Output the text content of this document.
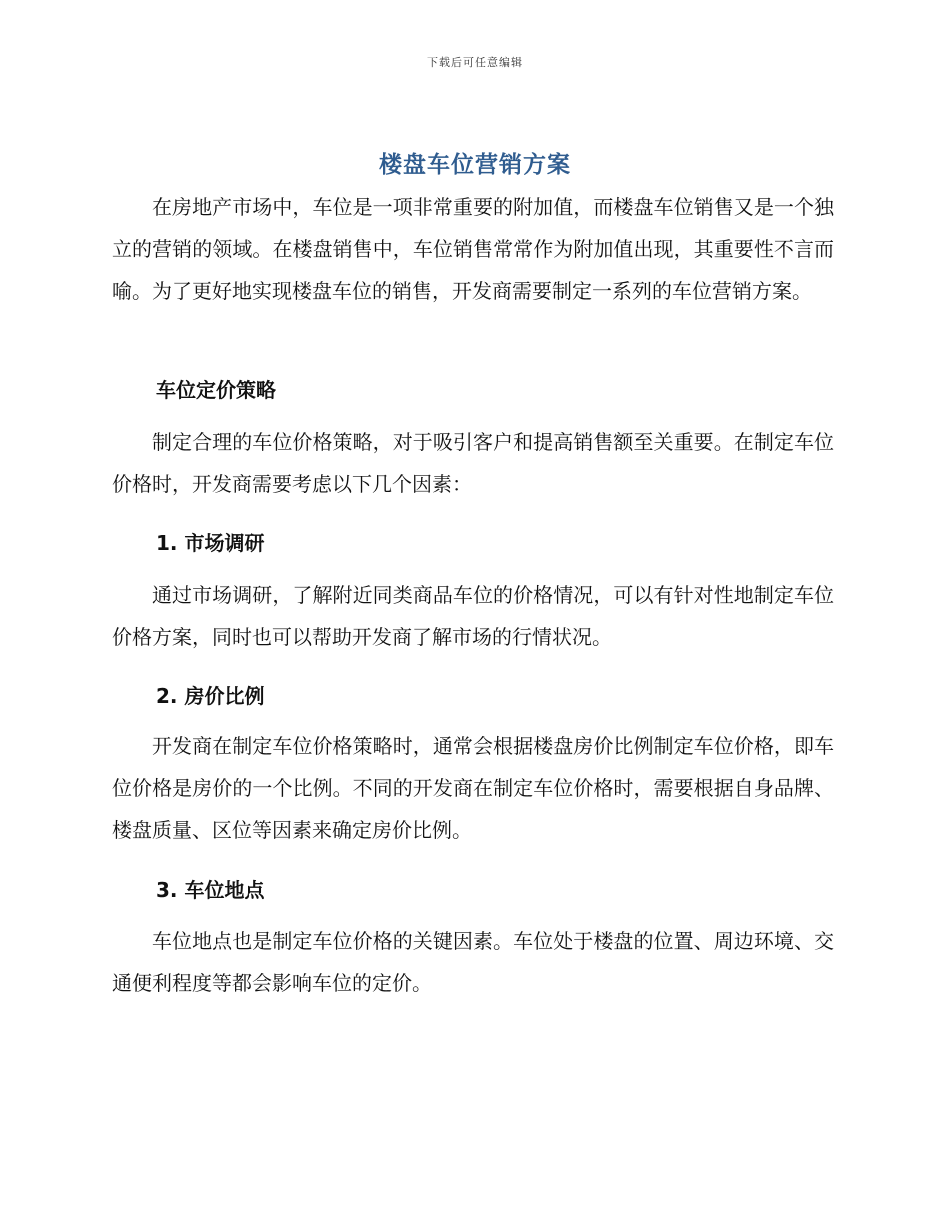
下载后可任意编辑
楼盘车位营销方案

在房地产市场中，车位是一项非常重要的附加值，而楼盘车位销售又是一个独立的营销的领域。在楼盘销售中，车位销售常常作为附加值出现，其重要性不言而喻。为了更好地实现楼盘车位的销售，开发商需要制定一系列的车位营销方案。

车位定价策略

制定合理的车位价格策略，对于吸引客户和提高销售额至关重要。在制定车位价格时，开发商需要考虑以下几个因素：

1. 市场调研

通过市场调研，了解附近同类商品车位的价格情况，可以有针对性地制定车位价格方案，同时也可以帮助开发商了解市场的行情状况。

2. 房价比例

开发商在制定车位价格策略时，通常会根据楼盘房价比例制定车位价格，即车位价格是房价的一个比例。不同的开发商在制定车位价格时，需要根据自身品牌、楼盘质量、区位等因素来确定房价比例。

3. 车位地点

车位地点也是制定车位价格的关键因素。车位处于楼盘的位置、周边环境、交通便利程度等都会影响车位的定价。
